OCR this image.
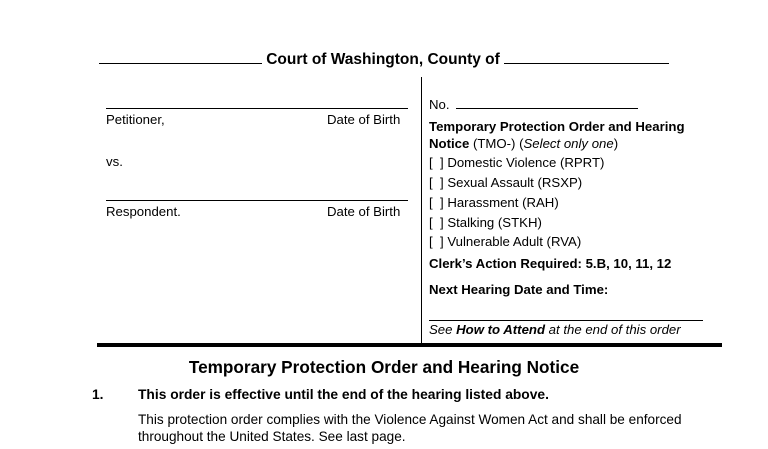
Court of Washington, County of
Petitioner,	Date of Birth
vs.
Respondent.	Date of Birth
No.
Temporary Protection Order and Hearing
Notice (TMO-) (Select only one)
[  ] Domestic Violence (RPRT)
[  ] Sexual Assault (RSXP)
[  ] Harassment (RAH)
[  ] Stalking (STKH)
[  ] Vulnerable Adult (RVA)
Clerk’s Action Required: 5.B, 10, 11, 12
Next Hearing Date and Time:
See How to Attend at the end of this order
Temporary Protection Order and Hearing Notice
1. This order is effective until the end of the hearing listed above.
This protection order complies with the Violence Against Women Act and shall be enforced throughout the United States. See last page.
